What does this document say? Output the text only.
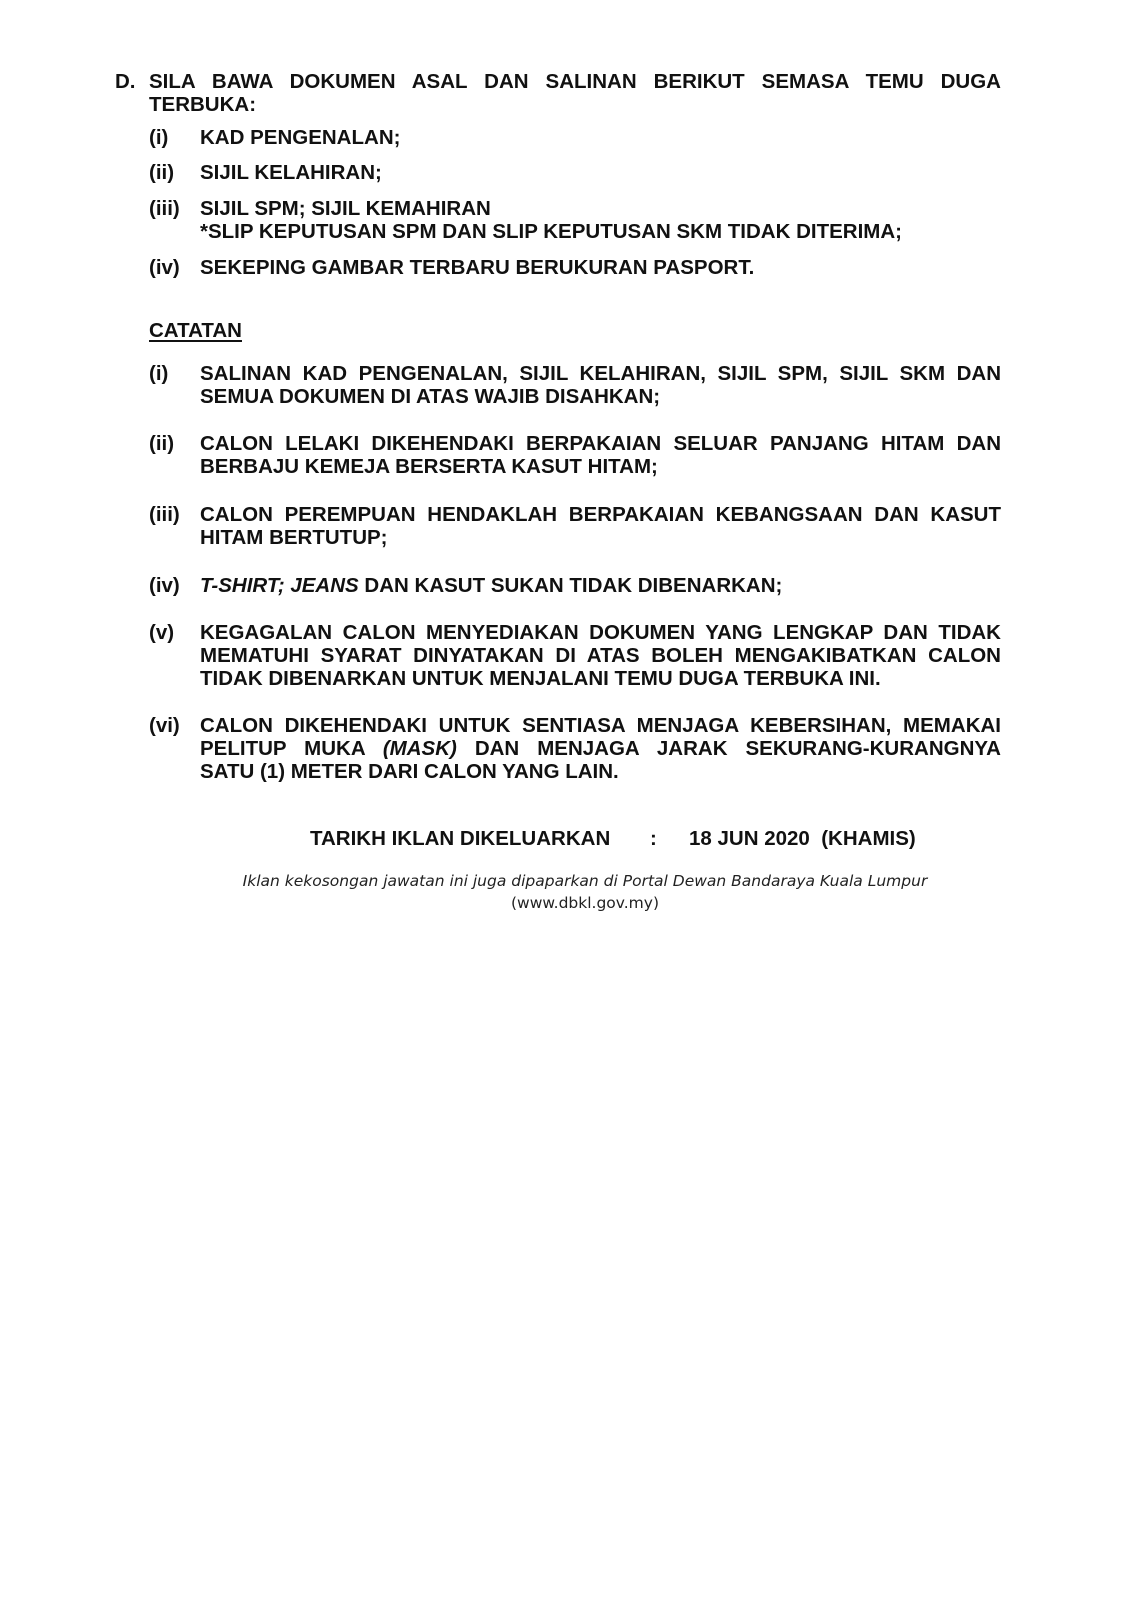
D. SILA BAWA DOKUMEN ASAL DAN SALINAN BERIKUT SEMASA TEMU DUGA
TERBUKA:
(i) KAD PENGENALAN;
(ii) SIJIL KELAHIRAN;
(iii) SIJIL SPM; SIJIL KEMAHIRAN
*SLIP KEPUTUSAN SPM DAN SLIP KEPUTUSAN SKM TIDAK DITERIMA;
(iv) SEKEPING GAMBAR TERBARU BERUKURAN PASPORT.
CATATAN
(i) SALINAN KAD PENGENALAN, SIJIL KELAHIRAN, SIJIL SPM, SIJIL SKM DAN
SEMUA DOKUMEN DI ATAS WAJIB DISAHKAN;
(ii) CALON LELAKI DIKEHENDAKI BERPAKAIAN SELUAR PANJANG HITAM DAN
BERBAJU KEMEJA BERSERTA KASUT HITAM;
(iii) CALON PEREMPUAN HENDAKLAH BERPAKAIAN KEBANGSAAN DAN KASUT
HITAM BERTUTUP;
(iv) T-SHIRT; JEANS DAN KASUT SUKAN TIDAK DIBENARKAN;
(v) KEGAGALAN CALON MENYEDIAKAN DOKUMEN YANG LENGKAP DAN TIDAK
MEMATUHI SYARAT DINYATAKAN DI ATAS BOLEH MENGAKIBATKAN CALON
TIDAK DIBENARKAN UNTUK MENJALANI TEMU DUGA TERBUKA INI.
(vi) CALON DIKEHENDAKI UNTUK SENTIASA MENJAGA KEBERSIHAN, MEMAKAI
PELITUP MUKA (MASK) DAN MENJAGA JARAK SEKURANG-KURANGNYA
SATU (1) METER DARI CALON YANG LAIN.
TARIKH IKLAN DIKELUARKAN : 18 JUN 2020  (KHAMIS)
Iklan kekosongan jawatan ini juga dipaparkan di Portal Dewan Bandaraya Kuala Lumpur
(www.dbkl.gov.my)
